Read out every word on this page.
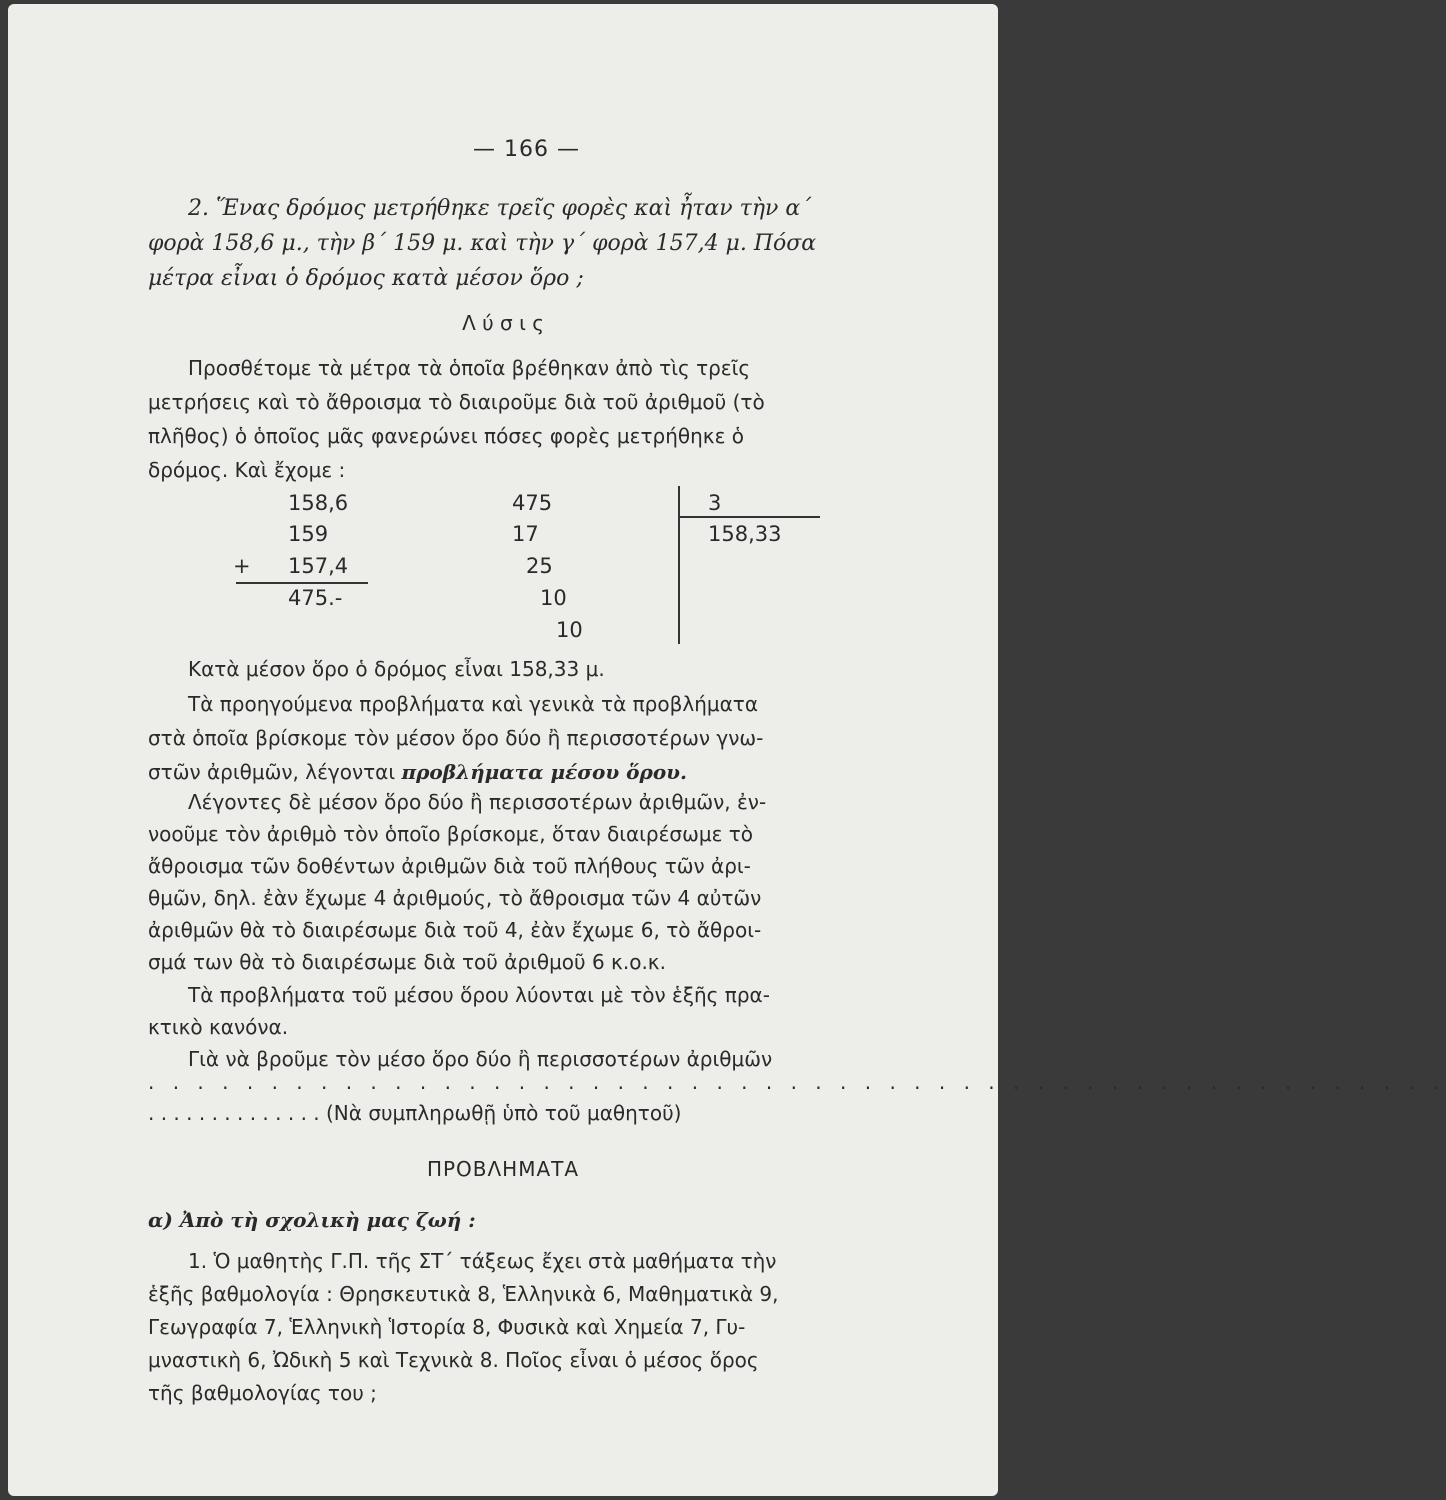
— 166 —
2. Ἕνας δρόμος μετρήθηκε τρεῖς φορὲς καὶ ἦταν τὴν α΄
φορὰ 158,6 μ., τὴν β΄ 159 μ. καὶ τὴν γ΄ φορὰ 157,4 μ. Πόσα
μέτρα εἶναι ὁ δρόμος κατὰ μέσον ὅρο ;
Λ ύ σ ι ς
Προσθέτομε τὰ μέτρα τὰ ὁποῖα βρέθηκαν ἀπὸ τὶς τρεῖς
μετρήσεις καὶ τὸ ἄθροισμα τὸ διαιροῦμε διὰ τοῦ ἀριθμοῦ (τὸ
πλῆθος) ὁ ὁποῖος μᾶς φανερώνει πόσες φορὲς μετρήθηκε ὁ
δρόμος. Καὶ ἔχομε :
158,6
159
+ 157,4
475.-
475
17
25
10
10
3
158,33
Κατὰ μέσον ὅρο ὁ δρόμος εἶναι 158,33 μ.
Τὰ προηγούμενα προβλήματα καὶ γενικὰ τὰ προβλήματα
στὰ ὁποῖα βρίσκομε τὸν μέσον ὅρο δύο ἢ περισσοτέρων γνω-
στῶν ἀριθμῶν, λέγονται προβλήματα μέσου ὅρου.
Λέγοντες δὲ μέσον ὅρο δύο ἢ περισσοτέρων ἀριθμῶν, ἐν-
νοοῦμε τὸν ἀριθμὸ τὸν ὁποῖο βρίσκομε, ὅταν διαιρέσωμε τὸ
ἄθροισμα τῶν δοθέντων ἀριθμῶν διὰ τοῦ πλήθους τῶν ἀρι-
θμῶν, δηλ. ἐὰν ἔχωμε 4 ἀριθμούς, τὸ ἄθροισμα τῶν 4 αὐτῶν
ἀριθμῶν θὰ τὸ διαιρέσωμε διὰ τοῦ 4, ἐὰν ἔχωμε 6, τὸ ἄθροι-
σμά των θὰ τὸ διαιρέσωμε διὰ τοῦ ἀριθμοῦ 6 κ.ο.κ.
Τὰ προβλήματα τοῦ μέσου ὅρου λύονται μὲ τὸν ἑξῆς πρα-
κτικὸ κανόνα.
Γιὰ νὰ βροῦμε τὸν μέσο ὅρο δύο ἢ περισσοτέρων ἀριθμῶν
. . . . . . . . . . . . . . . . . . . . . . . . . . . . . . . . . . . . . . . . . . . . . . . . . . . . .
. . . . . . . . . . . . . . (Νὰ συμπληρωθῇ ὑπὸ τοῦ μαθητοῦ)
ΠΡΟΒΛΗΜΑΤΑ
α) Ἀπὸ τὴ σχολικὴ μας ζωή :
1. Ὁ μαθητὴς Γ.Π. τῆς ΣΤ΄ τάξεως ἔχει στὰ μαθήματα τὴν
ἑξῆς βαθμολογία : Θρησκευτικὰ 8, Ἑλληνικὰ 6, Μαθηματικὰ 9,
Γεωγραφία 7, Ἑλληνικὴ Ἱστορία 8, Φυσικὰ καὶ Χημεία 7, Γυ-
μναστικὴ 6, Ὠδικὴ 5 καὶ Τεχνικὰ 8. Ποῖος εἶναι ὁ μέσος ὅρος
τῆς βαθμολογίας του ;
